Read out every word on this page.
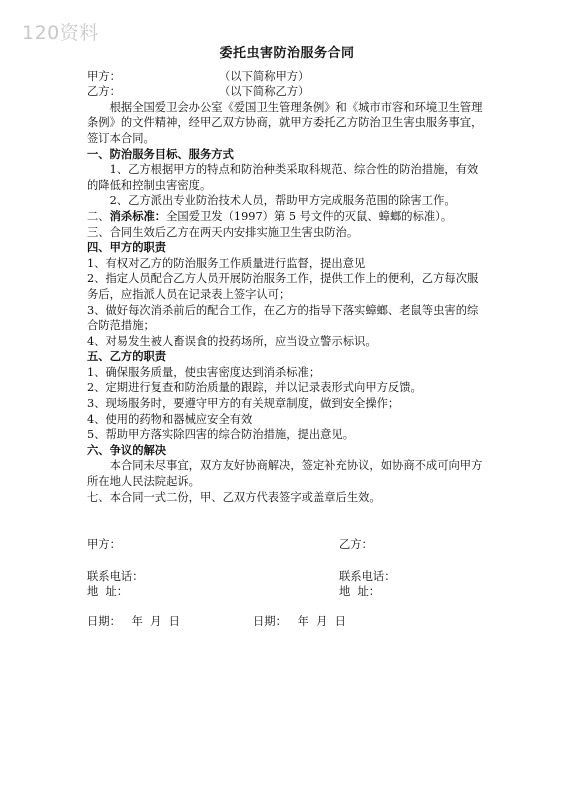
120资料
委托虫害防治服务合同
甲方：	（以下简称甲方）
乙方：	（以下简称乙方）

根据全国爱卫会办公室《爱国卫生管理条例》和《城市市容和环境卫生管理条例》的文件精神，经甲乙双方协商，就甲方委托乙方防治卫生害虫服务事宜，签订本合同。

一、防治服务目标、服务方式

1、乙方根据甲方的特点和防治种类采取科规范、综合性的防治措施，有效的降低和控制虫害密度。

2、乙方派出专业防治技术人员，帮助甲方完成服务范围的除害工作。

二、消杀标准：全国爱卫发（1997）第 5 号文件的灭鼠、蟑螂的标准）。

三、合同生效后乙方在两天内安排实施卫生害虫防治。

四、甲方的职责

1、有权对乙方的防治服务工作质量进行监督，提出意见

2、指定人员配合乙方人员开展防治服务工作，提供工作上的便利，乙方每次服务后，应指派人员在记录表上签字认可；

3、做好每次消杀前后的配合工作，在乙方的指导下落实蟑螂、老鼠等虫害的综合防范措施；

4、对易发生被人畜误食的投药场所，应当设立警示标识。

五、乙方的职责

1、确保服务质量，使虫害密度达到消杀标准；

2、定期进行复查和防治质量的跟踪，并以记录表形式向甲方反馈。

3、现场服务时，要遵守甲方的有关规章制度，做到安全操作；

4、使用的药物和器械应安全有效

5、帮助甲方落实除四害的综合防治措施，提出意见。

六、争议的解决

本合同未尽事宜，双方友好协商解决，签定补充协议，如协商不成可向甲方所在地人民法院起诉。

七、本合同一式二份，甲、乙双方代表签字或盖章后生效。

甲方：	乙方：
联系电话：	联系电话：
地  址：	地  址：
日期：   年  月  日	日期：   年  月  日
